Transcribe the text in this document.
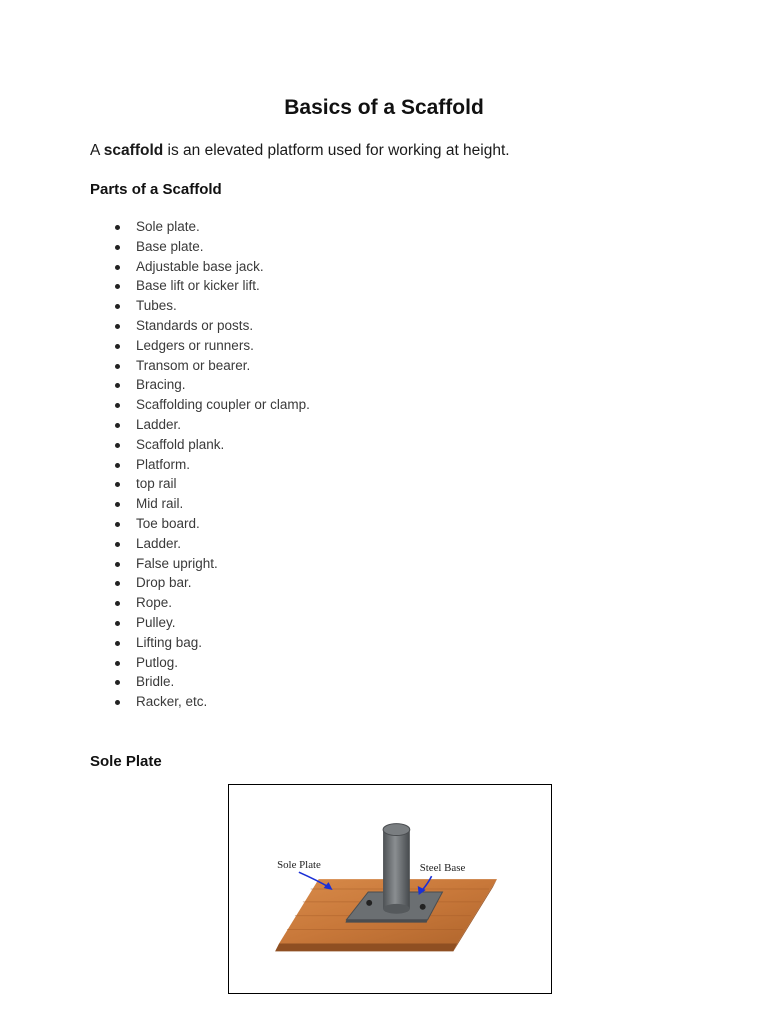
Basics of a Scaffold
A scaffold is an elevated platform used for working at height.
Parts of a Scaffold
Sole plate.
Base plate.
Adjustable base jack.
Base lift or kicker lift.
Tubes.
Standards or posts.
Ledgers or runners.
Transom or bearer.
Bracing.
Scaffolding coupler or clamp.
Ladder.
Scaffold plank.
Platform.
top rail
Mid rail.
Toe board.
Ladder.
False upright.
Drop bar.
Rope.
Pulley.
Lifting bag.
Putlog.
Bridle.
Racker, etc.
Sole Plate
Sole Plate	Steel Base
